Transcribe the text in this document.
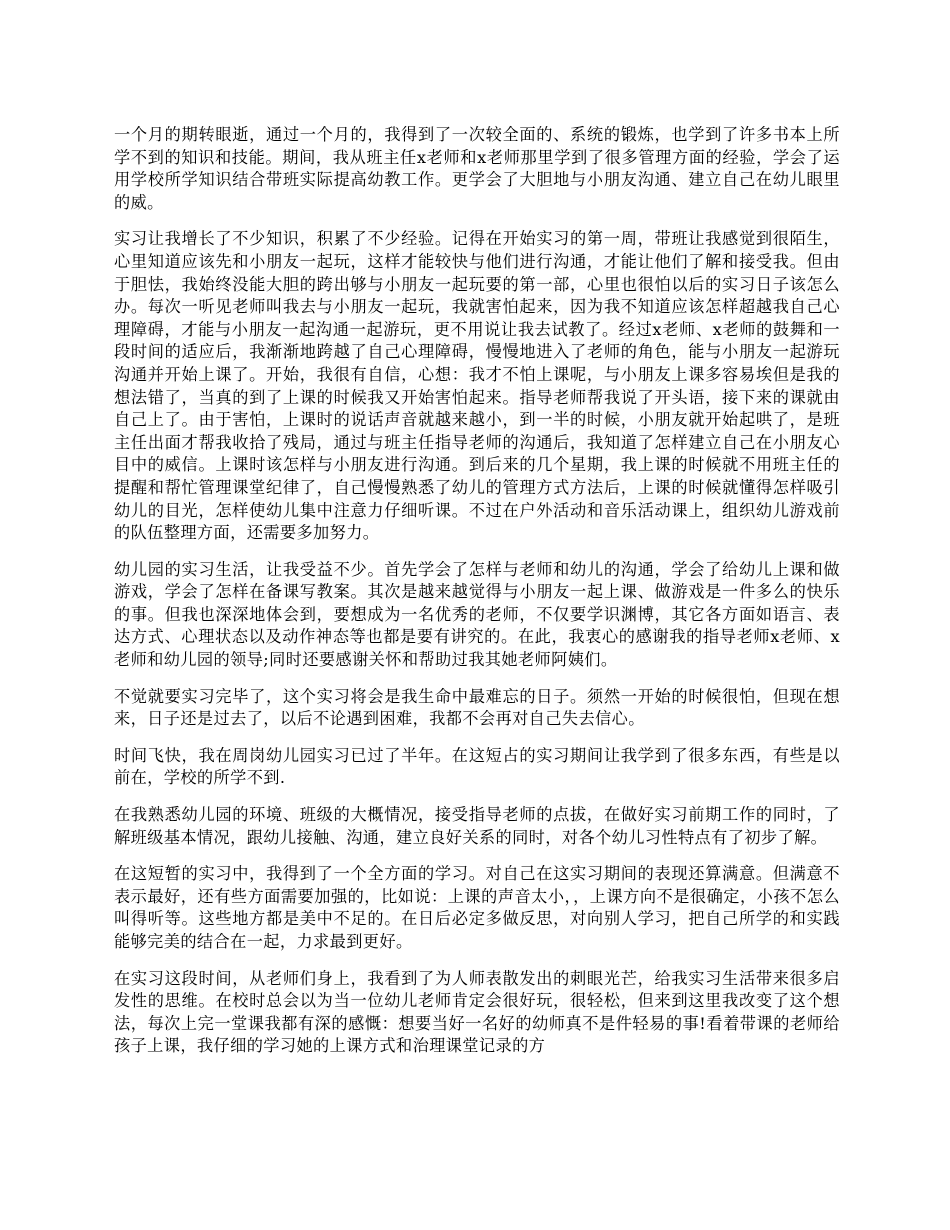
一个月的期转眼逝，通过一个月的，我得到了一次较全面的、系统的锻炼，也学到了许多书本上所学不到的知识和技能。期间，我从班主任x老师和x老师那里学到了很多管理方面的经验，学会了运用学校所学知识结合带班实际提高幼教工作。更学会了大胆地与小朋友沟通、建立自己在幼儿眼里的威。

实习让我增长了不少知识，积累了不少经验。记得在开始实习的第一周，带班让我感觉到很陌生，心里知道应该先和小朋友一起玩，这样才能较快与他们进行沟通，才能让他们了解和接受我。但由于胆怯，我始终没能大胆的跨出够与小朋友一起玩要的第一部，心里也很怕以后的实习日子该怎么办。每次一听见老师叫我去与小朋友一起玩，我就害怕起来，因为我不知道应该怎样超越我自己心理障碍，才能与小朋友一起沟通一起游玩，更不用说让我去试教了。经过x老师、x老师的鼓舞和一段时间的适应后，我渐渐地跨越了自己心理障碍，慢慢地进入了老师的角色，能与小朋友一起游玩沟通并开始上课了。开始，我很有自信，心想：我才不怕上课呢，与小朋友上课多容易埃但是我的想法错了，当真的到了上课的时候我又开始害怕起来。指导老师帮我说了开头语，接下来的课就由自己上了。由于害怕，上课时的说话声音就越来越小，到一半的时候，小朋友就开始起哄了，是班主任出面才帮我收拾了残局，通过与班主任指导老师的沟通后，我知道了怎样建立自己在小朋友心目中的威信。上课时该怎样与小朋友进行沟通。到后来的几个星期，我上课的时候就不用班主任的提醒和帮忙管理课堂纪律了，自己慢慢熟悉了幼儿的管理方式方法后，上课的时候就懂得怎样吸引幼儿的目光，怎样使幼儿集中注意力仔细听课。不过在户外活动和音乐活动课上，组织幼儿游戏前的队伍整理方面，还需要多加努力。

幼儿园的实习生活，让我受益不少。首先学会了怎样与老师和幼儿的沟通，学会了给幼儿上课和做游戏，学会了怎样在备课写教案。其次是越来越觉得与小朋友一起上课、做游戏是一件多么的快乐的事。但我也深深地体会到，要想成为一名优秀的老师，不仅要学识渊博，其它各方面如语言、表达方式、心理状态以及动作神态等也都是要有讲究的。在此，我衷心的感谢我的指导老师x老师、x老师和幼儿园的领导;同时还要感谢关怀和帮助过我其她老师阿姨们。

不觉就要实习完毕了，这个实习将会是我生命中最难忘的日子。须然一开始的时候很怕，但现在想来，日子还是过去了，以后不论遇到困难，我都不会再对自己失去信心。

时间飞快，我在周岗幼儿园实习已过了半年。在这短占的实习期间让我学到了很多东西，有些是以前在，学校的所学不到.

在我熟悉幼儿园的环境、班级的大概情况，接受指导老师的点拔，在做好实习前期工作的同时，了解班级基本情况，跟幼儿接触、沟通，建立良好关系的同时，对各个幼儿习性特点有了初步了解。

在这短暂的实习中，我得到了一个全方面的学习。对自己在这实习期间的表现还算满意。但满意不表示最好，还有些方面需要加强的，比如说：上课的声音太小，，上课方向不是很确定，小孩不怎么叫得听等。这些地方都是美中不足的。在日后必定多做反思，对向别人学习，把自己所学的和实践能够完美的结合在一起，力求最到更好。

在实习这段时间，从老师们身上，我看到了为人师表散发出的刺眼光芒，给我实习生活带来很多启发性的思维。在校时总会以为当一位幼儿老师肯定会很好玩，很轻松，但来到这里我改变了这个想法，每次上完一堂课我都有深的感慨：想要当好一名好的幼师真不是件轻易的事!看着带课的老师给孩子上课，我仔细的学习她的上课方式和治理课堂记录的方
